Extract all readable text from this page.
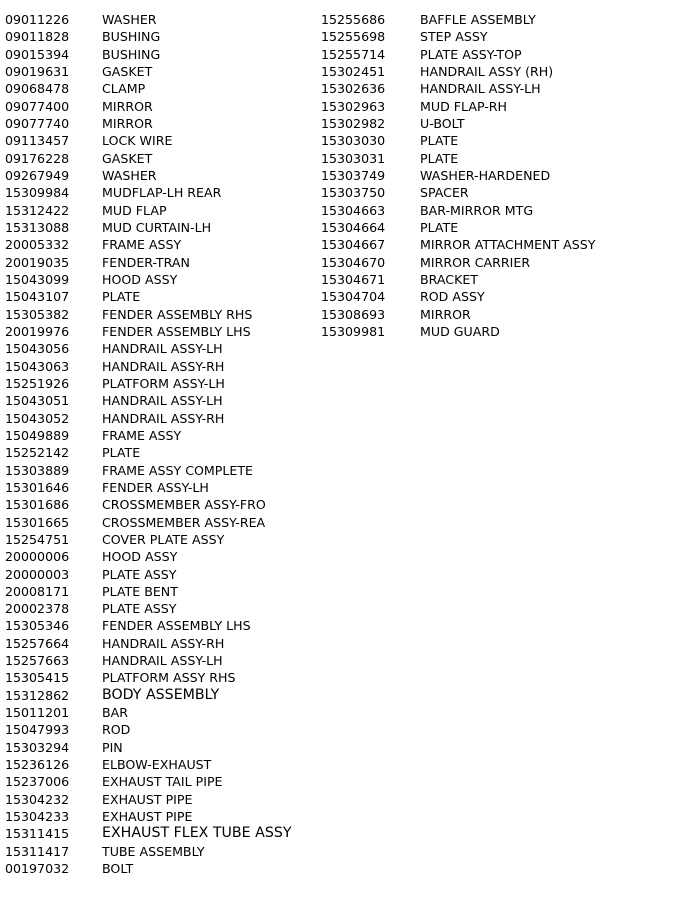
09011226	WASHER
09011828	BUSHING
09015394	BUSHING
09019631	GASKET
09068478	CLAMP
09077400	MIRROR
09077740	MIRROR
09113457	LOCK WIRE
09176228	GASKET
09267949	WASHER
15309984	MUDFLAP-LH REAR
15312422	MUD FLAP
15313088	MUD CURTAIN-LH
20005332	FRAME ASSY
20019035	FENDER-TRAN
15043099	HOOD ASSY
15043107	PLATE
15305382	FENDER ASSEMBLY RHS
20019976	FENDER ASSEMBLY LHS
15043056	HANDRAIL ASSY-LH
15043063	HANDRAIL ASSY-RH
15251926	PLATFORM ASSY-LH
15043051	HANDRAIL ASSY-LH
15043052	HANDRAIL ASSY-RH
15049889	FRAME ASSY
15252142	PLATE
15303889	FRAME ASSY COMPLETE
15301646	FENDER ASSY-LH
15301686	CROSSMEMBER ASSY-FRO
15301665	CROSSMEMBER ASSY-REA
15254751	COVER PLATE ASSY
20000006	HOOD ASSY
20000003	PLATE ASSY
20008171	PLATE BENT
20002378	PLATE ASSY
15305346	FENDER ASSEMBLY LHS
15257664	HANDRAIL ASSY-RH
15257663	HANDRAIL ASSY-LH
15305415	PLATFORM ASSY RHS
15312862 BODY ASSEMBLY
15011201	BAR
15047993	ROD
15303294	PIN
15236126	ELBOW-EXHAUST
15237006	EXHAUST TAIL PIPE
15304232	EXHAUST PIPE
15304233	EXHAUST PIPE
15311415 EXHAUST FLEX TUBE ASSY
15311417	TUBE ASSEMBLY
00197032	BOLT
15255686	BAFFLE ASSEMBLY
15255698	STEP ASSY
15255714	PLATE ASSY-TOP
15302451	HANDRAIL ASSY (RH)
15302636	HANDRAIL ASSY-LH
15302963	MUD FLAP-RH
15302982	U-BOLT
15303030	PLATE
15303031	PLATE
15303749	WASHER-HARDENED
15303750	SPACER
15304663	BAR-MIRROR MTG
15304664	PLATE
15304667	MIRROR ATTACHMENT ASSY
15304670	MIRROR CARRIER
15304671	BRACKET
15304704	ROD ASSY
15308693	MIRROR
15309981	MUD GUARD
